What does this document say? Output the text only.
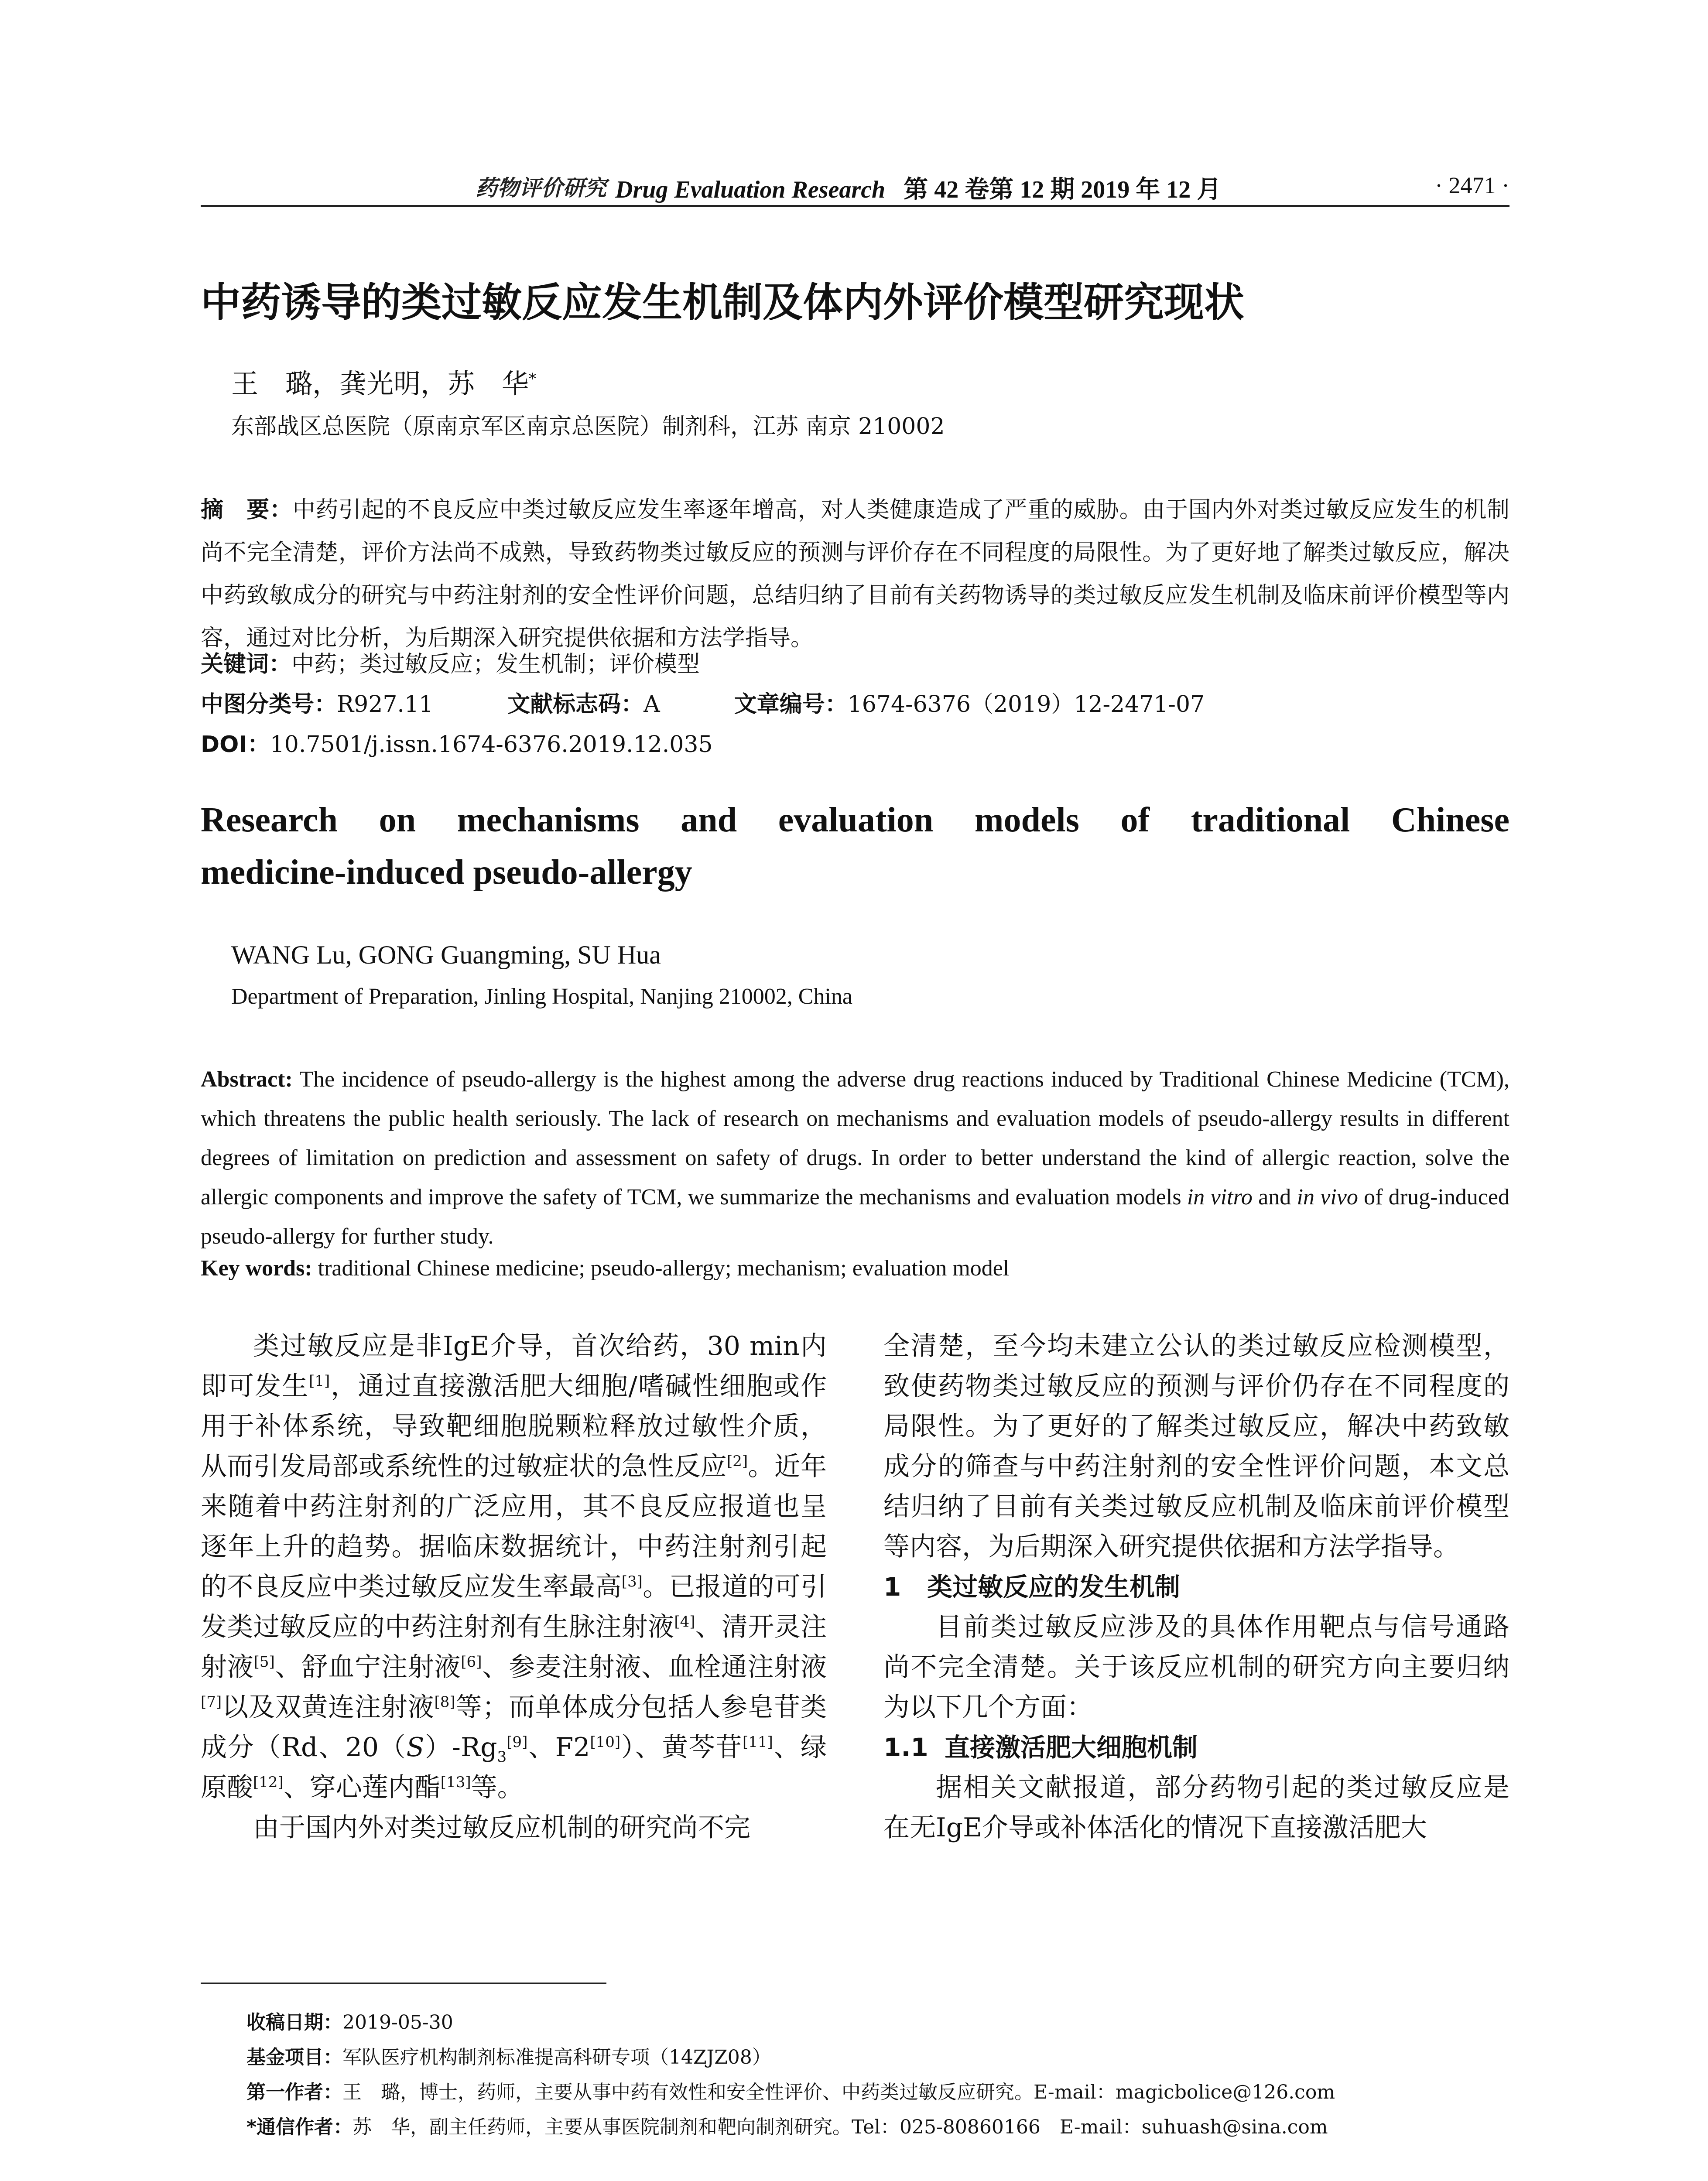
药物评价研究 Drug Evaluation Research 第 42 卷第 12 期 2019 年 12 月	· 2471 ·
中药诱导的类过敏反应发生机制及体内外评价模型研究现状
王　璐，龚光明，苏　华*
东部战区总医院（原南京军区南京总医院）制剂科，江苏 南京 210002
摘　要：中药引起的不良反应中类过敏反应发生率逐年增高，对人类健康造成了严重的威胁。由于国内外对类过敏反应发生的机制尚不完全清楚，评价方法尚不成熟，导致药物类过敏反应的预测与评价存在不同程度的局限性。为了更好地了解类过敏反应，解决中药致敏成分的研究与中药注射剂的安全性评价问题，总结归纳了目前有关药物诱导的类过敏反应发生机制及临床前评价模型等内容，通过对比分析，为后期深入研究提供依据和方法学指导。
关键词：中药；类过敏反应；发生机制；评价模型
中图分类号：R927.11	文献标志码：A	文章编号：1674-6376（2019）12-2471-07
DOI：10.7501/j.issn.1674-6376.2019.12.035
Research on mechanisms and evaluation models of traditional Chinese
medicine-induced pseudo-allergy
WANG Lu, GONG Guangming, SU Hua
Department of Preparation, Jinling Hospital, Nanjing 210002, China
Abstract: The incidence of pseudo-allergy is the highest among the adverse drug reactions induced by Traditional Chinese Medicine (TCM), which threatens the public health seriously. The lack of research on mechanisms and evaluation models of pseudo-allergy results in different degrees of limitation on prediction and assessment on safety of drugs. In order to better understand the kind of allergic reaction, solve the allergic components and improve the safety of TCM, we summarize the mechanisms and evaluation models in vitro and in vivo of drug-induced pseudo-allergy for further study.
Key words: traditional Chinese medicine; pseudo-allergy; mechanism; evaluation model

类过敏反应是非IgE介导，首次给药，30 min内即可发生[1]，通过直接激活肥大细胞/嗜碱性细胞或作用于补体系统，导致靶细胞脱颗粒释放过敏性介质，从而引发局部或系统性的过敏症状的急性反应[2]。近年来随着中药注射剂的广泛应用，其不良反应报道也呈逐年上升的趋势。据临床数据统计，中药注射剂引起的不良反应中类过敏反应发生率最高[3]。已报道的可引发类过敏反应的中药注射剂有生脉注射液[4]、清开灵注射液[5]、舒血宁注射液[6]、参麦注射液、血栓通注射液[7]以及双黄连注射液[8]等；而单体成分包括人参皂苷类成分（Rd、$20(S)-Rg_3[9]$、F2[10]）、黄芩苷[11]、绿原酸[12]、穿心莲内酯[13]等。

由于国内外对类过敏反应机制的研究尚不完

全清楚，至今均未建立公认的类过敏反应检测模型，致使药物类过敏反应的预测与评价仍存在不同程度的局限性。为了更好的了解类过敏反应，解决中药致敏成分的筛查与中药注射剂的安全性评价问题，本文总结归纳了目前有关类过敏反应机制及临床前评价模型等内容，为后期深入研究提供依据和方法学指导。

1 类过敏反应的发生机制

目前类过敏反应涉及的具体作用靶点与信号通路尚不完全清楚。关于该反应机制的研究方向主要归纳为以下几个方面：

1.1 直接激活肥大细胞机制

据相关文献报道，部分药物引起的类过敏反应是在无IgE介导或补体活化的情况下直接激活肥大

收稿日期：2019-05-30
基金项目：军队医疗机构制剂标准提高科研专项（14ZJZ08）
第一作者：王　璐，博士，药师，主要从事中药有效性和安全性评价、中药类过敏反应研究。E-mail：magicbolice@126.com
*通信作者：苏　华，副主任药师，主要从事医院制剂和靶向制剂研究。Tel：025-80860166　E-mail：suhuash@sina.com
